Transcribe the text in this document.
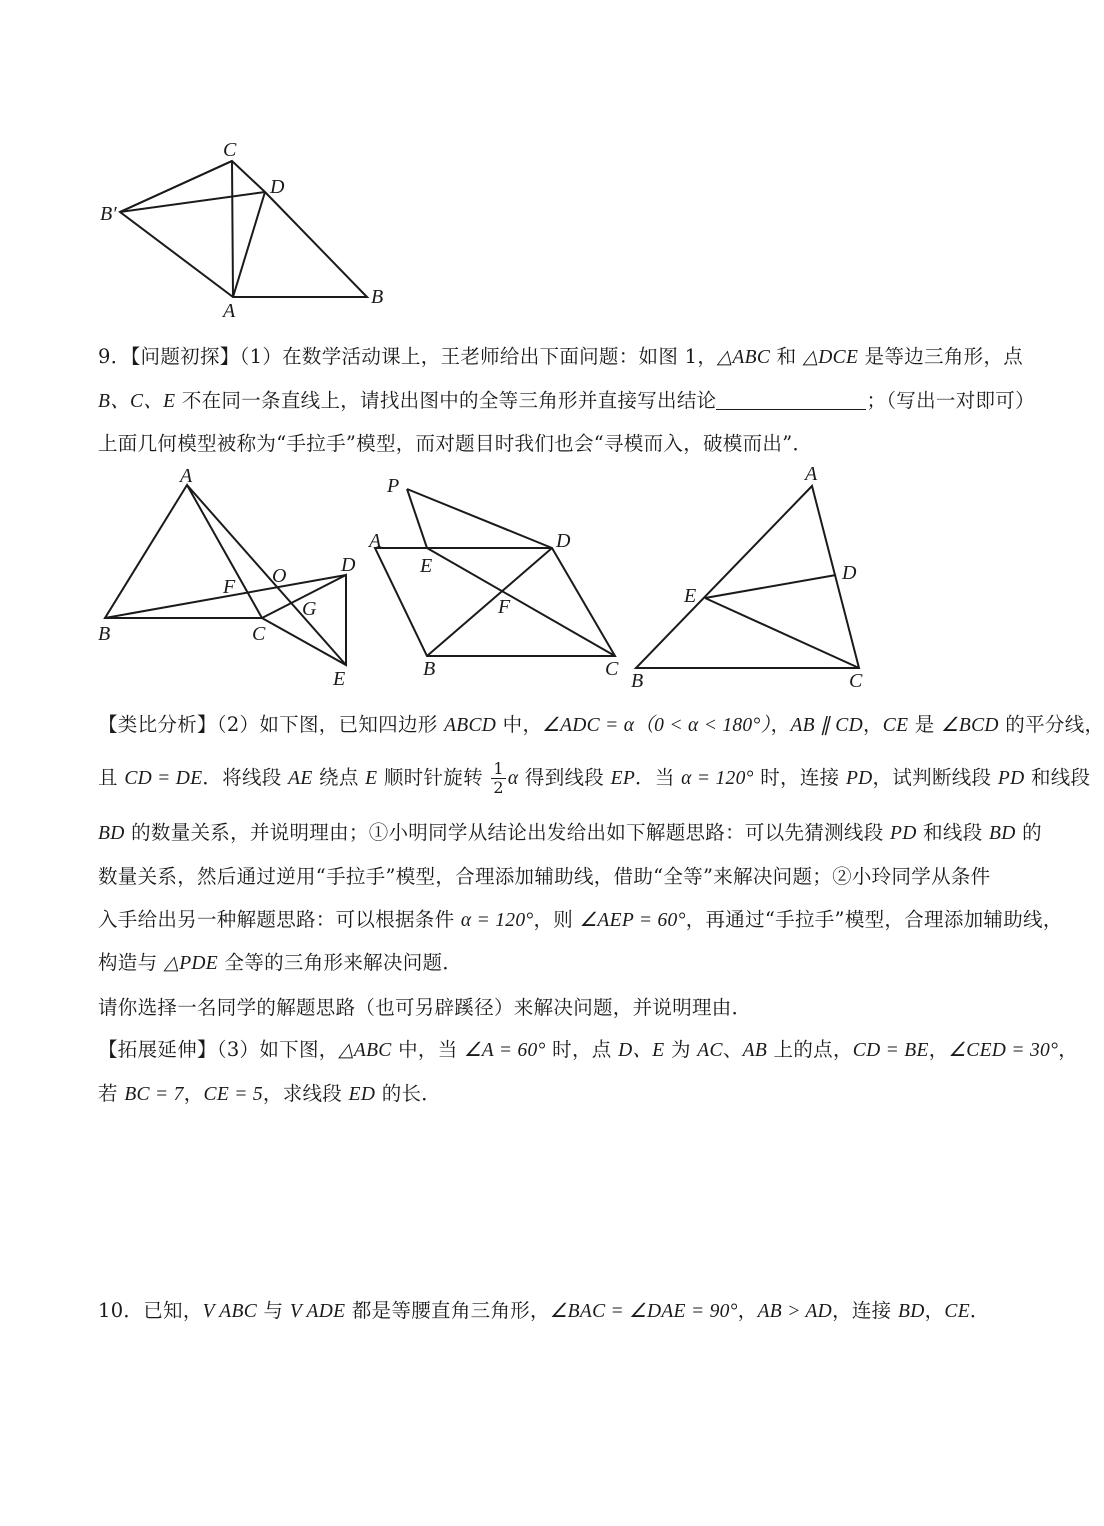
C
D
B′
A
B
9．【问题初探】（1）在数学活动课上，王老师给出下面问题：如图 1，△ABC 和 △DCE 是等边三角形，点
B、C、E 不在同一条直线上，请找出图中的全等三角形并直接写出结论	；（写出一对即可）
上面几何模型被称为“手拉手”模型，而对题目时我们也会“寻模而入，破模而出”．
A
O	D
F
G
B	C
E
P
A
E
D
F
B	C
A
D
E
B	C
【类比分析】（2）如下图，已知四边形 ABCD 中，∠ADC = α（0 < α < 180°），AB ∥ CD，CE 是 ∠BCD 的平分线，
且 CD = DE．将线段 AE 绕点 E 顺时针旋转 $\frac{1}{2}$ α 得到线段 EP．当 α = 120° 时，连接 PD，试判断线段 PD 和线段
BD 的数量关系，并说明理由；①小明同学从结论出发给出如下解题思路：可以先猜测线段 PD 和线段 BD 的
数量关系，然后通过逆用“手拉手”模型，合理添加辅助线，借助“全等”来解决问题；②小玲同学从条件
入手给出另一种解题思路：可以根据条件 α = 120°，则 ∠AEP = 60°，再通过“手拉手”模型，合理添加辅助线，
构造与 △PDE 全等的三角形来解决问题．
请你选择一名同学的解题思路（也可另辟蹊径）来解决问题，并说明理由．
【拓展延伸】（3）如下图，△ABC 中，当 ∠A = 60° 时，点 D、E 为 AC、AB 上的点，CD = BE，∠CED = 30°，
若 BC = 7，CE = 5，求线段 ED 的长．
10．已知，V ABC 与 V ADE 都是等腰直角三角形，∠BAC = ∠DAE = 90°，AB > AD，连接 BD，CE．
